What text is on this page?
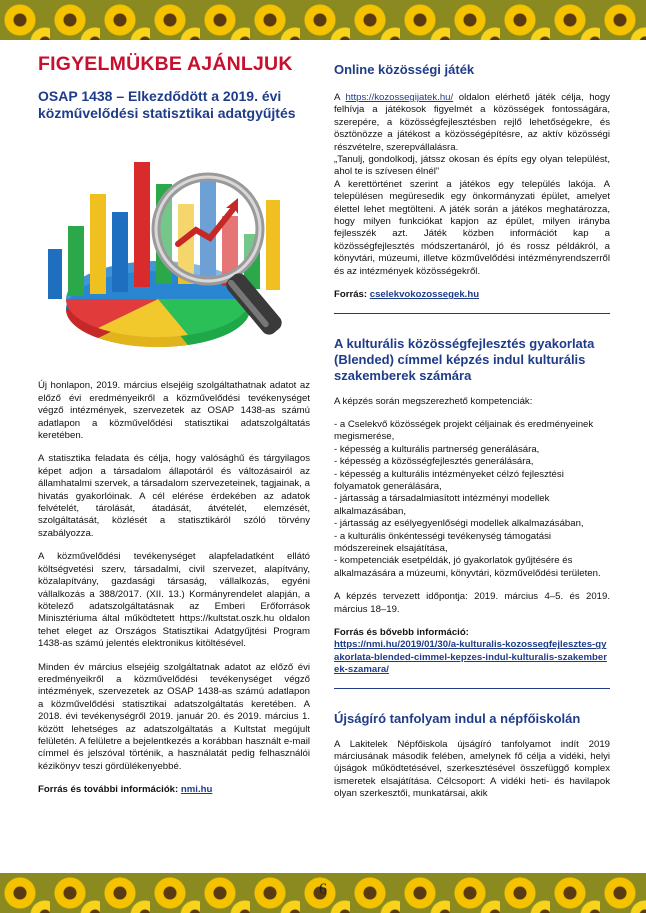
FIGYELMÜKBE AJÁNLJUK
OSAP 1438 – Elkezdődött a 2019. évi közművelődési statisztikai adatgyűjtés

Új honlapon, 2019. március elsejéig szolgáltathatnak adatot az előző évi eredményeikről a közművelődési tevékenységet végző intézmények, szervezetek az OSAP 1438-as számú adatlapon a közművelődési statisztikai adatszolgáltatás keretében.

A statisztika feladata és célja, hogy valósághű és tárgyilagos képet adjon a társadalom állapotáról és változásairól az államhatalmi szervek, a társadalom szervezeteinek, tagjainak, a hivatás gyakorlóinak. A cél elérése érdekében az adatok felvételét, tárolását, átadását, átvételét, elemzését, szolgáltatását, közlését a statisztikáról szóló törvény szabályozza.

A közművelődési tevékenységet alapfeladatként ellátó költségvetési szerv, társadalmi, civil szervezet, alapítvány, közalapítvány, gazdasági társaság, vállalkozás, egyéni vállalkozás a 388/2017. (XII. 13.) Kormányrendelet alapján, a kötelező adatszolgáltatásnak az Emberi Erőforrások Minisztériuma által működtetett https://kultstat.oszk.hu oldalon tehet eleget az Országos Statisztikai Adatgyűjtési Program 1438-as számú jelentés elektronikus kitöltésével.

Minden év március elsejéig szolgáltatnak adatot az előző évi eredményeikről a közművelődési tevékenységet végző intézmények, szervezetek az OSAP 1438-as számú adatlapon a közművelődési statisztikai adatszolgáltatás keretében. A 2018. évi tevékenységről 2019. január 20. és 2019. március 1. között lehetséges az adatszolgáltatás a Kultstat megújult felületén. A felületre a bejelentkezés a korábban használt e-mail címmel és jelszóval történik, a használatát pedig felhasználói kézikönyv teszi gördülékenyebbé.

Forrás és további információk: nmi.hu

Online közösségi játék

A https://kozossegijatek.hu/ oldalon elérhető játék célja, hogy felhívja a játékosok figyelmét a közösségek fontosságára, szerepére, a közösségfejlesztésben rejlő lehetőségekre, és ösztönözze a játékost a közösségépítésre, az aktív közösségi részvételre, szerepvállalásra.

„Tanulj, gondolkodj, játssz okosan és építs egy olyan települést, ahol te is szívesen élnél”

A kerettörténet szerint a játékos egy település lakója. A településen megüresedik egy önkormányzati épület, amelyet élettel lehet megtölteni. A játék során a játékos meghatározza, hogy milyen funkciókat kapjon az épület, milyen irányba fejlesszék azt. Játék közben információt kap a közösségfejlesztés módszertanáról, jó és rossz példákról, a könyvtári, múzeumi, illetve közművelődési intézményrendszerről és az intézmények közösségekről.

Forrás: cselekvokozossegek.hu

A kulturális közösségfejlesztés gyakorlata (Blended) címmel képzés indul kulturális szakemberek számára

A képzés során megszerezhető kompetenciák:

- a Cselekvő közösségek projekt céljainak és eredményeinek megismerése,
- képesség a kulturális partnerség generálására,
- képesség a közösségfejlesztés generálására,
- képesség a kulturális intézményeket célzó fejlesztési folyamatok generálására,
- jártasság a társadalmiasított intézményi modellek alkalmazásában,
- jártasság az esélyegyenlőségi modellek alkalmazásában,
- a kulturális önkéntességi tevékenység támogatási módszereinek elsajátítása,
- kompetenciák esetpéldák, jó gyakorlatok gyűjtésére és alkalmazására a múzeumi, könyvtári, közművelődési területen.

A képzés tervezett időpontja: 2019. március 4–5. és 2019. március 18–19.

Forrás és bővebb információ:
https://nmi.hu/2019/01/30/a-kulturalis-kozossegfejlesztes-gyakorlata-blended-cimmel-kepzes-indul-kulturalis-szakemberek-szamara/

Újságíró tanfolyam indul a népfőiskolán

A Lakitelek Népfőiskola újságíró tanfolyamot indít 2019 márciusának második felében, amelynek fő célja a vidéki, helyi újságok működtetésével, szerkesztésével összefüggő komplex ismeretek elsajátítása. Célcsoport: A vidéki heti- és havilapok olyan szerkesztői, munkatársai, akik

6
